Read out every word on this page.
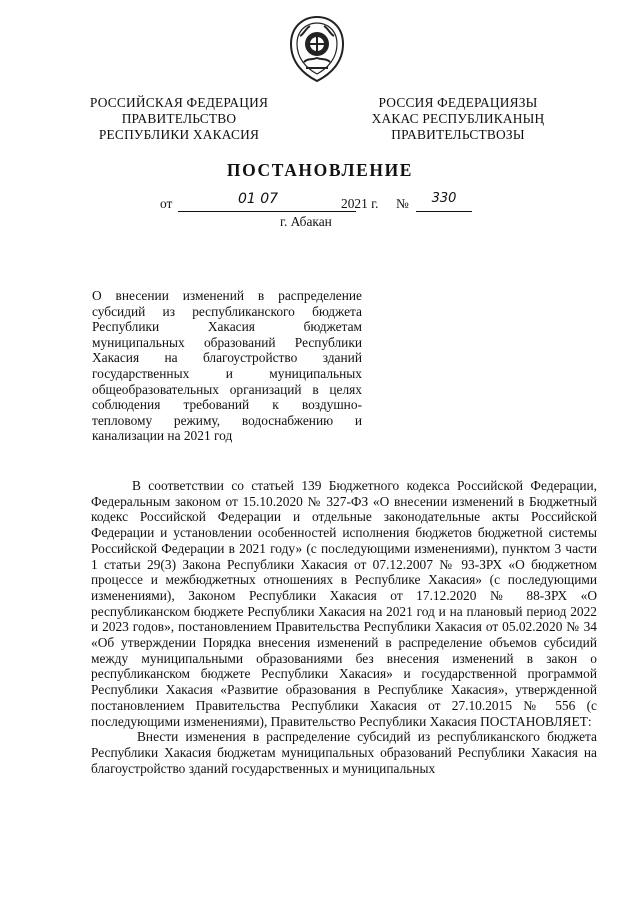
РОССИЙСКАЯ ФЕДЕРАЦИЯ
ПРАВИТЕЛЬСТВО
РЕСПУБЛИКИ ХАКАСИЯ
РОССИЯ ФЕДЕРАЦИЯЗЫ
ХАКАС РЕСПУБЛИКАНЫҢ
ПРАВИТЕЛЬСТВОЗЫ
ПОСТАНОВЛЕНИЕ
от	01 07	2021 г. №	330
г. Абакан
О внесении изменений в распределение субсидий из республиканского бюджета Республики Хакасия бюджетам муниципальных образований Республики Хакасия на благоустройство зданий государственных и муниципальных общеобразовательных организаций в целях соблюдения требований к воздушно-тепловому режиму, водоснабжению и канализации на 2021 год

В соответствии со статьей 139 Бюджетного кодекса Российской Федерации, Федеральным законом от 15.10.2020 № 327-ФЗ «О внесении изменений в Бюджетный кодекс Российской Федерации и отдельные законодательные акты Российской Федерации и установлении особенностей исполнения бюджетов бюджетной системы Российской Федерации в 2021 году» (с последующими изменениями), пунктом 3 части 1 статьи 29(3) Закона Республики Хакасия от 07.12.2007 № 93-ЗРХ «О бюджетном процессе и межбюджетных отношениях в Республике Хакасия» (с последующими изменениями), Законом Республики Хакасия от 17.12.2020 № 88-ЗРХ «О республиканском бюджете Республики Хакасия на 2021 год и на плановый период 2022 и 2023 годов», постановлением Правительства Республики Хакасия от 05.02.2020 № 34 «Об утверждении Порядка внесения изменений в распределение объемов субсидий между муниципальными образованиями без внесения изменений в закон о республиканском бюджете Республики Хакасия» и государственной программой Республики Хакасия «Развитие образования в Республике Хакасия», утвержденной постановлением Правительства Республики Хакасия от 27.10.2015 № 556 (с последующими изменениями), Правительство Республики Хакасия ПОСТАНОВЛЯЕТ:

Внести изменения в распределение субсидий из республиканского бюджета Республики Хакасия бюджетам муниципальных образований Республики Хакасия на благоустройство зданий государственных и муниципальных
